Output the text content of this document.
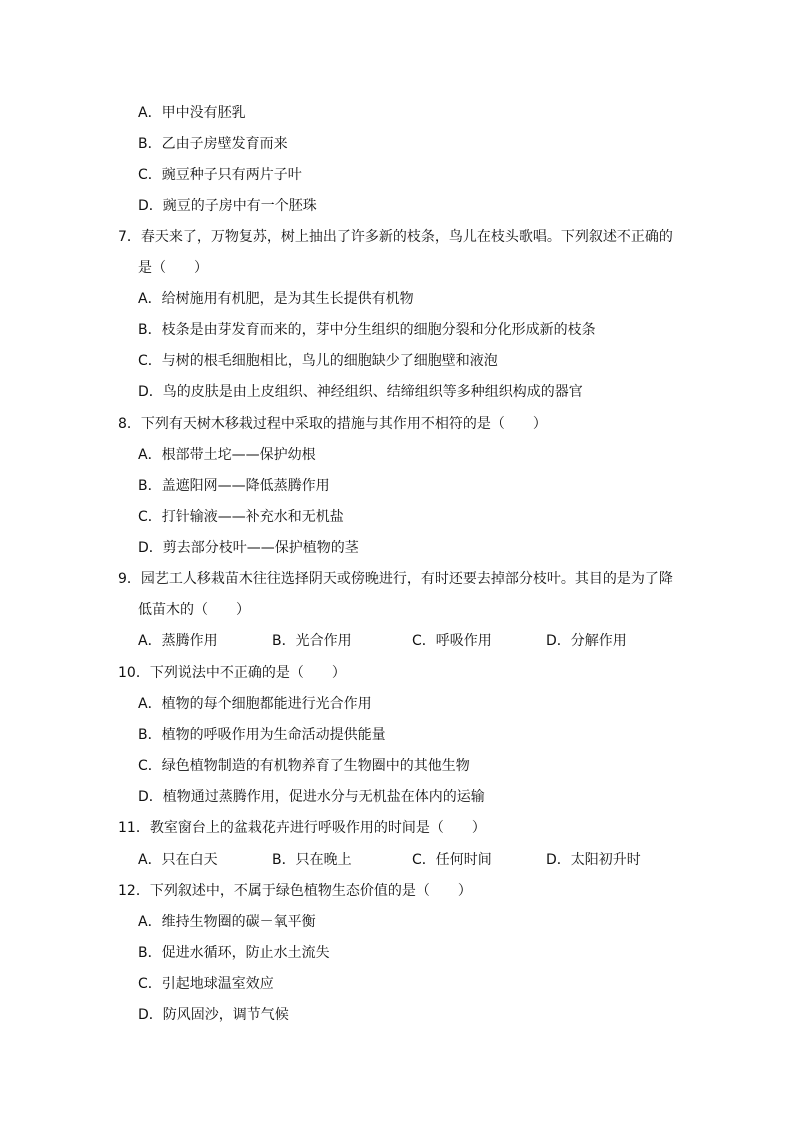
A．甲中没有胚乳
B．乙由子房壁发育而来
C．豌豆种子只有两片子叶
D．豌豆的子房中有一个胚珠
7．春天来了，万物复苏，树上抽出了许多新的枝条，鸟儿在枝头歌唱。下列叙述不正确的
是（　　）
A．给树施用有机肥，是为其生长提供有机物
B．枝条是由芽发育而来的，芽中分生组织的细胞分裂和分化形成新的枝条
C．与树的根毛细胞相比，鸟儿的细胞缺少了细胞壁和液泡
D．鸟的皮肤是由上皮组织、神经组织、结缔组织等多种组织构成的器官
8．下列有天树木移栽过程中采取的措施与其作用不相符的是（　　）
A．根部带土坨——保护幼根
B．盖遮阳网——降低蒸腾作用
C．打针输液——补充水和无机盐
D．剪去部分枝叶——保护植物的茎
9．园艺工人移栽苗木往往选择阴天或傍晚进行，有时还要去掉部分枝叶。其目的是为了降
低苗木的（　　）
A．蒸腾作用	B．光合作用	C．呼吸作用	D．分解作用
10．下列说法中不正确的是（　　）
A．植物的每个细胞都能进行光合作用
B．植物的呼吸作用为生命活动提供能量
C．绿色植物制造的有机物养育了生物圈中的其他生物
D．植物通过蒸腾作用，促进水分与无机盐在体内的运输
11．教室窗台上的盆栽花卉进行呼吸作用的时间是（　　）
A．只在白天	B．只在晚上	C．任何时间	D．太阳初升时
12．下列叙述中，不属于绿色植物生态价值的是（　　）
A．维持生物圈的碳－氧平衡
B．促进水循环，防止水土流失
C．引起地球温室效应
D．防风固沙，调节气候
